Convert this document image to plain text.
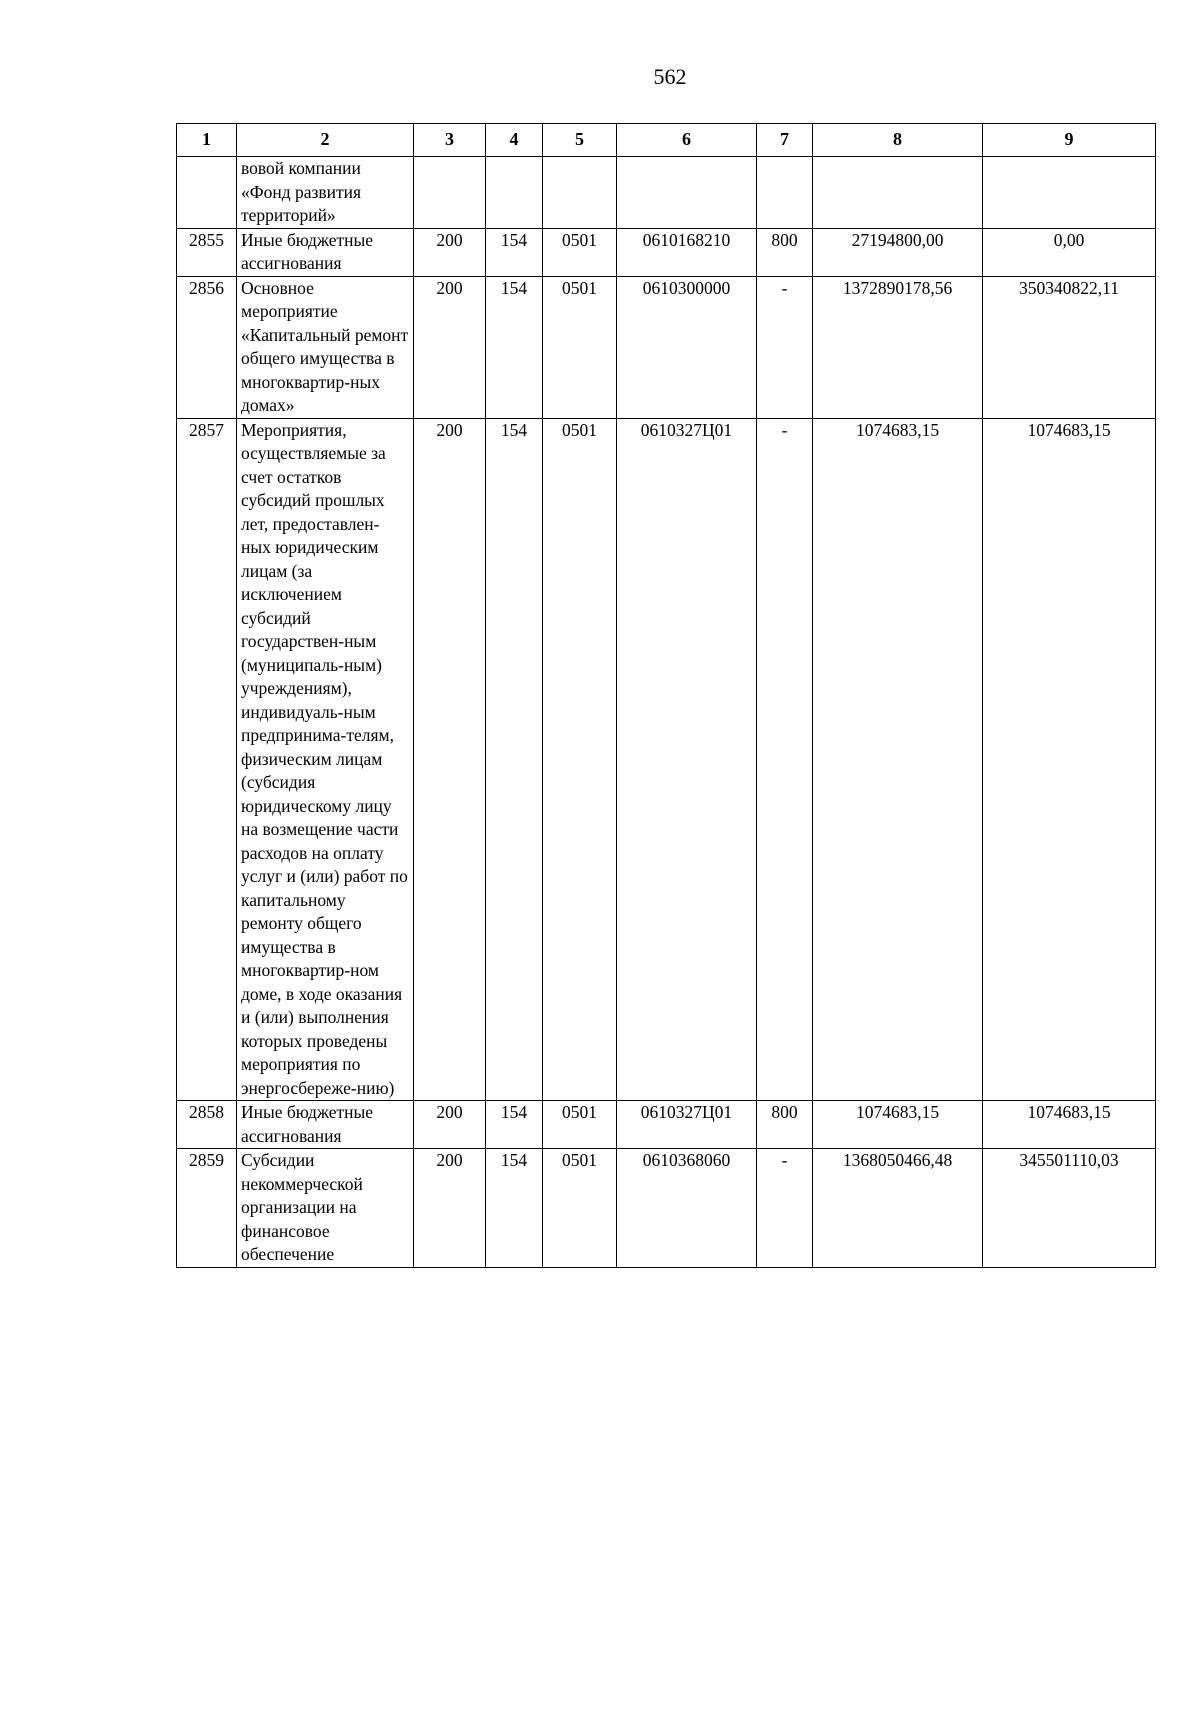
562
1	2	3	4	5	6	7	8	9
	вовой компании «Фонд развития территорий»							
2855	Иные бюджетные ассигнования	200	154	0501	0610168210	800	27194800,00	0,00
2856	Основное мероприятие «Капитальный ремонт общего имущества в многоквартир-ных домах»	200	154	0501	0610300000	-	1372890178,56	350340822,11
2857	Мероприятия, осуществляемые за счет остатков субсидий прошлых лет, предоставлен-ных юридическим лицам (за исключением субсидий государствен-ным (муниципаль-ным) учреждениям), индивидуаль-ным предпринима-телям, физическим лицам (субсидия юридическому лицу на возмещение части расходов на оплату услуг и (или) работ по капитальному ремонту общего имущества в многоквартир-ном доме, в ходе оказания и (или) выполнения которых проведены мероприятия по энергосбереже-нию)	200	154	0501	0610327Ц01	-	1074683,15	1074683,15
2858	Иные бюджетные ассигнования	200	154	0501	0610327Ц01	800	1074683,15	1074683,15
2859	Субсидии некоммерческой организации на финансовое обеспечение	200	154	0501	0610368060	-	1368050466,48	345501110,03
